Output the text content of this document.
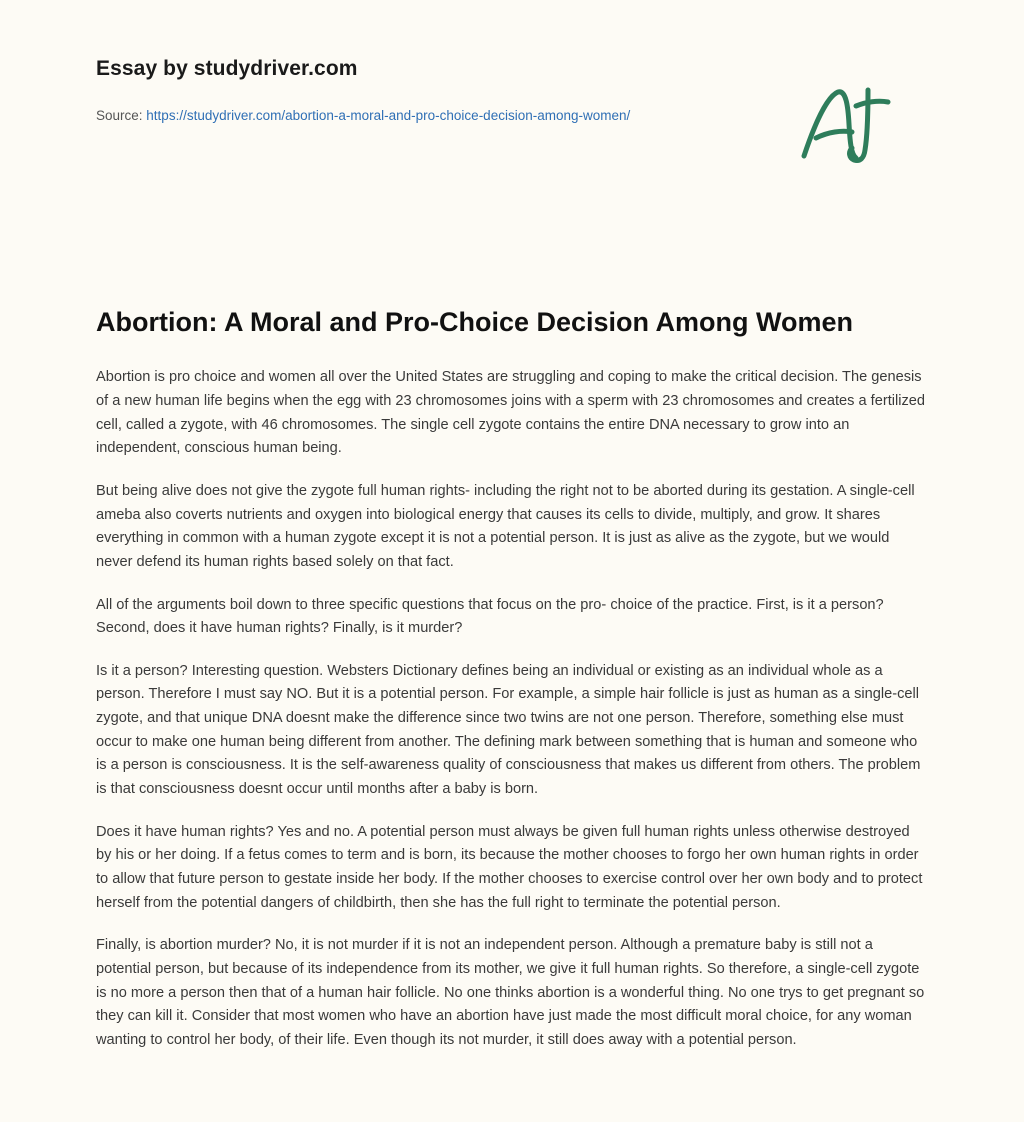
Essay by studydriver.com
Source: https://studydriver.com/abortion-a-moral-and-pro-choice-decision-among-women/
Abortion: A Moral and Pro-Choice Decision Among Women

Abortion is pro choice and women all over the United States are struggling and coping to make the critical decision. The genesis of a new human life begins when the egg with 23 chromosomes joins with a sperm with 23 chromosomes and creates a fertilized cell, called a zygote, with 46 chromosomes. The single cell zygote contains the entire DNA necessary to grow into an independent, conscious human being.

But being alive does not give the zygote full human rights- including the right not to be aborted during its gestation. A single-cell ameba also coverts nutrients and oxygen into biological energy that causes its cells to divide, multiply, and grow. It shares everything in common with a human zygote except it is not a potential person. It is just as alive as the zygote, but we would never defend its human rights based solely on that fact.

All of the arguments boil down to three specific questions that focus on the pro- choice of the practice. First, is it a person? Second, does it have human rights? Finally, is it murder?

Is it a person? Interesting question. Websters Dictionary defines being an individual or existing as an individual whole as a person. Therefore I must say NO. But it is a potential person. For example, a simple hair follicle is just as human as a single-cell zygote, and that unique DNA doesnt make the difference since two twins are not one person. Therefore, something else must occur to make one human being different from another. The defining mark between something that is human and someone who is a person is consciousness. It is the self-awareness quality of consciousness that makes us different from others. The problem is that consciousness doesnt occur until months after a baby is born.

Does it have human rights? Yes and no. A potential person must always be given full human rights unless otherwise destroyed by his or her doing. If a fetus comes to term and is born, its because the mother chooses to forgo her own human rights in order to allow that future person to gestate inside her body. If the mother chooses to exercise control over her own body and to protect herself from the potential dangers of childbirth, then she has the full right to terminate the potential person.

Finally, is abortion murder? No, it is not murder if it is not an independent person. Although a premature baby is still not a potential person, but because of its independence from its mother, we give it full human rights. So therefore, a single-cell zygote is no more a person then that of a human hair follicle. No one thinks abortion is a wonderful thing. No one trys to get pregnant so they can kill it. Consider that most women who have an abortion have just made the most difficult moral choice, for any woman wanting to control her body, of their life. Even though its not murder, it still does away with a potential person.
